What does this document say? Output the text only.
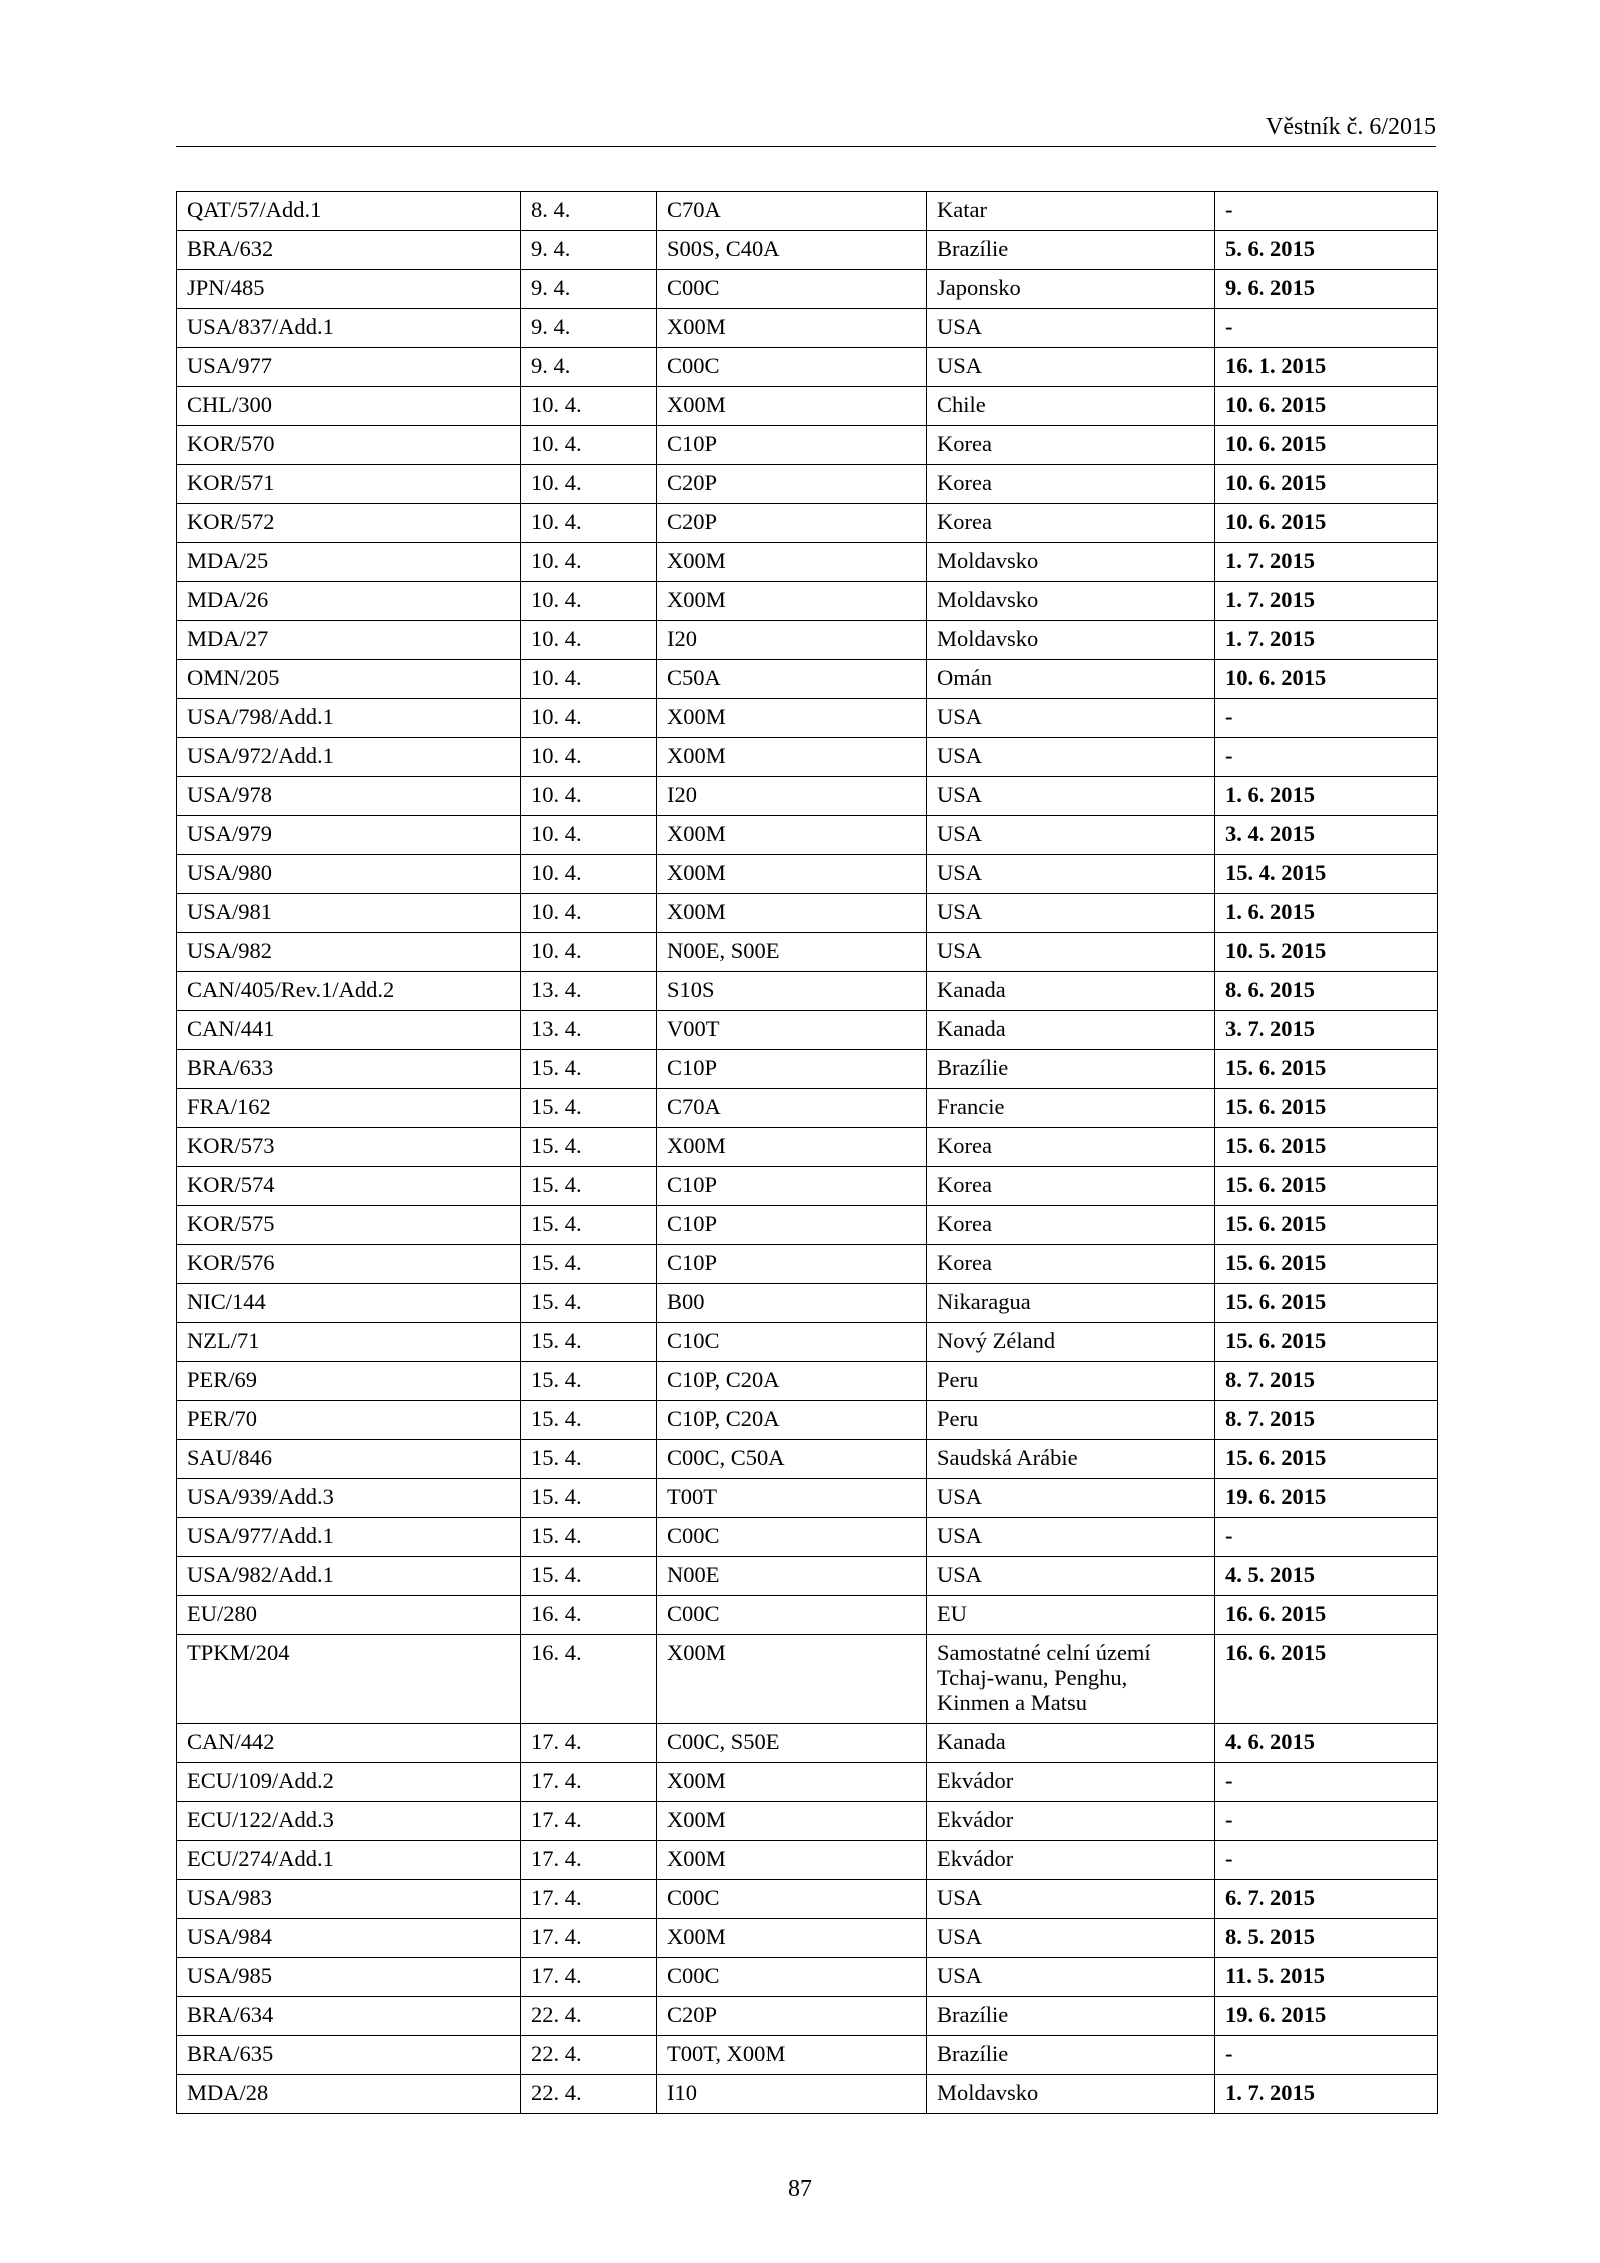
Věstník č. 6/2015
QAT/57/Add.1	8. 4.	C70A	Katar	-
BRA/632	9. 4.	S00S, C40A	Brazílie	5. 6. 2015
JPN/485	9. 4.	C00C	Japonsko	9. 6. 2015
USA/837/Add.1	9. 4.	X00M	USA	-
USA/977	9. 4.	C00C	USA	16. 1. 2015
CHL/300	10. 4.	X00M	Chile	10. 6. 2015
KOR/570	10. 4.	C10P	Korea	10. 6. 2015
KOR/571	10. 4.	C20P	Korea	10. 6. 2015
KOR/572	10. 4.	C20P	Korea	10. 6. 2015
MDA/25	10. 4.	X00M	Moldavsko	1. 7. 2015
MDA/26	10. 4.	X00M	Moldavsko	1. 7. 2015
MDA/27	10. 4.	I20	Moldavsko	1. 7. 2015
OMN/205	10. 4.	C50A	Omán	10. 6. 2015
USA/798/Add.1	10. 4.	X00M	USA	-
USA/972/Add.1	10. 4.	X00M	USA	-
USA/978	10. 4.	I20	USA	1. 6. 2015
USA/979	10. 4.	X00M	USA	3. 4. 2015
USA/980	10. 4.	X00M	USA	15. 4. 2015
USA/981	10. 4.	X00M	USA	1. 6. 2015
USA/982	10. 4.	N00E, S00E	USA	10. 5. 2015
CAN/405/Rev.1/Add.2	13. 4.	S10S	Kanada	8. 6. 2015
CAN/441	13. 4.	V00T	Kanada	3. 7. 2015
BRA/633	15. 4.	C10P	Brazílie	15. 6. 2015
FRA/162	15. 4.	C70A	Francie	15. 6. 2015
KOR/573	15. 4.	X00M	Korea	15. 6. 2015
KOR/574	15. 4.	C10P	Korea	15. 6. 2015
KOR/575	15. 4.	C10P	Korea	15. 6. 2015
KOR/576	15. 4.	C10P	Korea	15. 6. 2015
NIC/144	15. 4.	B00	Nikaragua	15. 6. 2015
NZL/71	15. 4.	C10C	Nový Zéland	15. 6. 2015
PER/69	15. 4.	C10P, C20A	Peru	8. 7. 2015
PER/70	15. 4.	C10P, C20A	Peru	8. 7. 2015
SAU/846	15. 4.	C00C, C50A	Saudská Arábie	15. 6. 2015
USA/939/Add.3	15. 4.	T00T	USA	19. 6. 2015
USA/977/Add.1	15. 4.	C00C	USA	-
USA/982/Add.1	15. 4.	N00E	USA	4. 5. 2015
EU/280	16. 4.	C00C	EU	16. 6. 2015
TPKM/204	16. 4.	X00M	Samostatné celní území Tchaj-wanu, Penghu, Kinmen a Matsu	16. 6. 2015
CAN/442	17. 4.	C00C, S50E	Kanada	4. 6. 2015
ECU/109/Add.2	17. 4.	X00M	Ekvádor	-
ECU/122/Add.3	17. 4.	X00M	Ekvádor	-
ECU/274/Add.1	17. 4.	X00M	Ekvádor	-
USA/983	17. 4.	C00C	USA	6. 7. 2015
USA/984	17. 4.	X00M	USA	8. 5. 2015
USA/985	17. 4.	C00C	USA	11. 5. 2015
BRA/634	22. 4.	C20P	Brazílie	19. 6. 2015
BRA/635	22. 4.	T00T, X00M	Brazílie	-
MDA/28	22. 4.	I10	Moldavsko	1. 7. 2015
87
